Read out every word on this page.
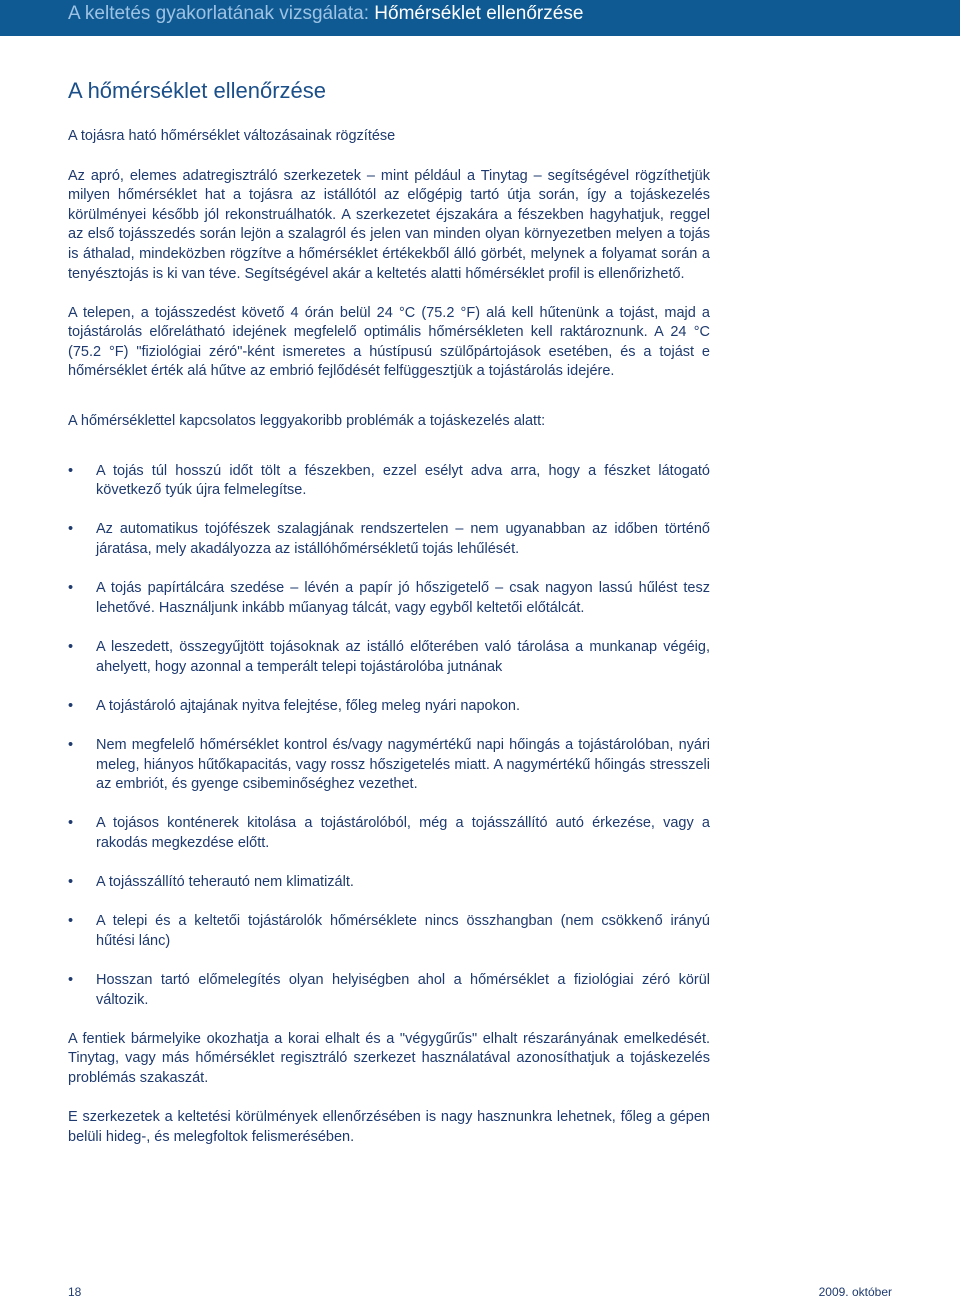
A keltetés gyakorlatának vizsgálata: Hőmérséklet ellenőrzése
A hőmérséklet ellenőrzése

A tojásra ható hőmérséklet változásainak rögzítése

Az apró, elemes adatregisztráló szerkezetek – mint például a Tinytag – segítségével rögzíthetjük milyen hőmérséklet hat a tojásra az istállótól az előgépig tartó útja során, így a tojáskezelés körülményei később jól rekonstruálhatók. A szerkezetet éjszakára a fészekben hagyhatjuk, reggel az első tojásszedés során lejön a szalagról és jelen van minden olyan környezetben melyen a tojás is áthalad, mindeközben rögzítve a hőmérséklet értékekből álló görbét, melynek a folyamat során a tenyésztojás is ki van téve. Segítségével akár a keltetés alatti hőmérséklet profil is ellenőrizhető.

A telepen, a tojásszedést követő 4 órán belül 24 °C (75.2 °F) alá kell hűtenünk a tojást, majd a tojástárolás előrelátható idejének megfelelő optimális hőmérsékleten kell raktároznunk. A 24 °C (75.2 °F) "fiziológiai zéró"-ként ismeretes a hústípusú szülőpártojások esetében, és a tojást e hőmérséklet érték alá hűtve az embrió fejlődését felfüggesztjük a tojástárolás idejére.

A hőmérséklettel kapcsolatos leggyakoribb problémák a tojáskezelés alatt:

•	A tojás túl hosszú időt tölt a fészekben, ezzel esélyt adva arra, hogy a fészket látogató következő tyúk újra felmelegítse.
•	Az automatikus tojófészek szalagjának rendszertelen – nem ugyanabban az időben történő járatása, mely akadályozza az istállóhőmérsékletű tojás lehűlését.
•	A tojás papírtálcára szedése – lévén a papír jó hőszigetelő – csak nagyon lassú hűlést tesz lehetővé. Használjunk inkább műanyag tálcát, vagy egyből keltetői előtálcát.
•	A leszedett, összegyűjtött tojásoknak az istálló előterében való tárolása a munkanap végéig, ahelyett, hogy azonnal a temperált telepi tojástárolóba jutnának
•	A tojástároló ajtajának nyitva felejtése, főleg meleg nyári napokon.
•	Nem megfelelő hőmérséklet kontrol és/vagy nagymértékű napi hőingás a tojástárolóban, nyári meleg, hiányos hűtőkapacitás, vagy rossz hőszigetelés miatt. A nagymértékű hőingás stresszeli az embriót, és gyenge csibeminőséghez vezethet.
•	A tojásos konténerek kitolása a tojástárolóból, még a tojásszállító autó érkezése, vagy a rakodás megkezdése előtt.
•	A tojásszállító teherautó nem klimatizált.
•	A telepi és a keltetői tojástárolók hőmérséklete nincs összhangban (nem csökkenő irányú hűtési lánc)
•	Hosszan tartó előmelegítés olyan helyiségben ahol a hőmérséklet a fiziológiai zéró körül változik.

A fentiek bármelyike okozhatja a korai elhalt és a "végygűrűs" elhalt részarányának emelkedését. Tinytag, vagy más hőmérséklet regisztráló szerkezet használatával azonosíthatjuk a tojáskezelés problémás szakaszát.

E szerkezetek a keltetési körülmények ellenőrzésében is nagy hasznunkra lehetnek, főleg a gépen belüli hideg-, és melegfoltok felismerésében.

18	2009. október
